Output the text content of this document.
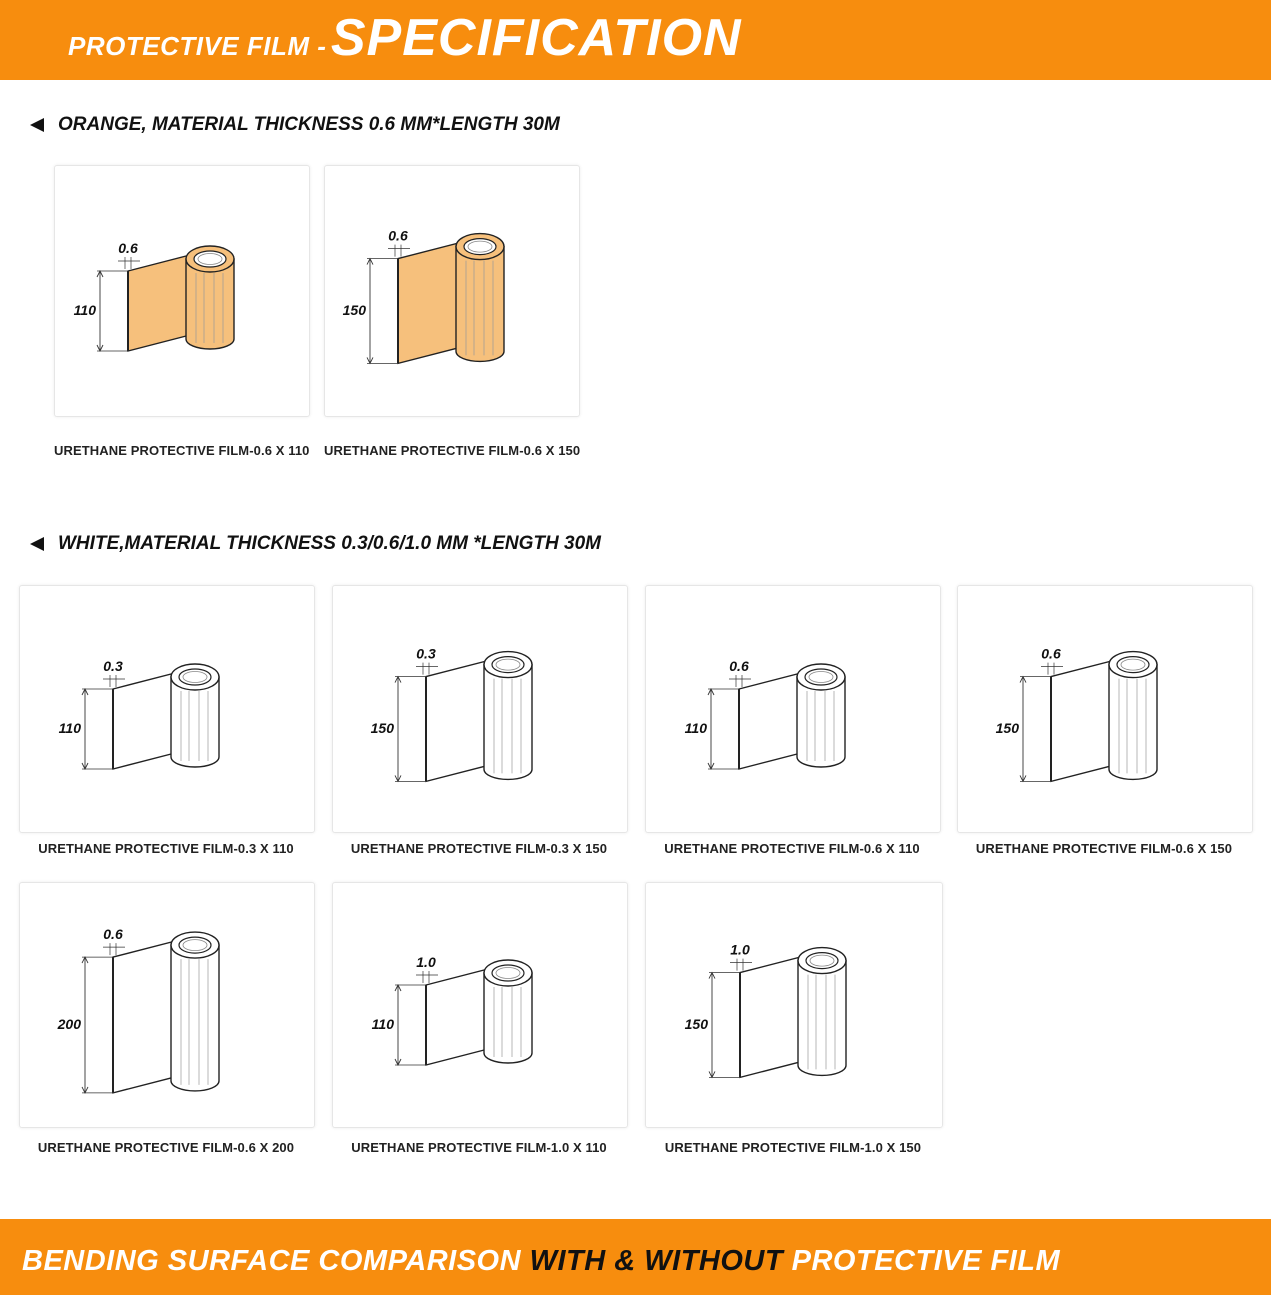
PROTECTIVE FILM - SPECIFICATION
ORANGE, MATERIAL THICKNESS 0.6 MM*LENGTH 30M
WHITE,MATERIAL THICKNESS 0.3/0.6/1.0 MM *LENGTH 30M
110
0.6
URETHANE PROTECTIVE FILM-0.6 X 110
150
0.6
URETHANE PROTECTIVE FILM-0.6 X 150
110
0.3
URETHANE PROTECTIVE FILM-0.3 X 110
150
0.3
URETHANE PROTECTIVE FILM-0.3 X 150
110
0.6
URETHANE PROTECTIVE FILM-0.6 X 110
150
0.6
URETHANE PROTECTIVE FILM-0.6 X 150
200
0.6
URETHANE PROTECTIVE FILM-0.6 X 200
110
1.0
URETHANE PROTECTIVE FILM-1.0 X 110
150
1.0
URETHANE PROTECTIVE FILM-1.0 X 150
BENDING SURFACE COMPARISON WITH & WITHOUT PROTECTIVE FILM
